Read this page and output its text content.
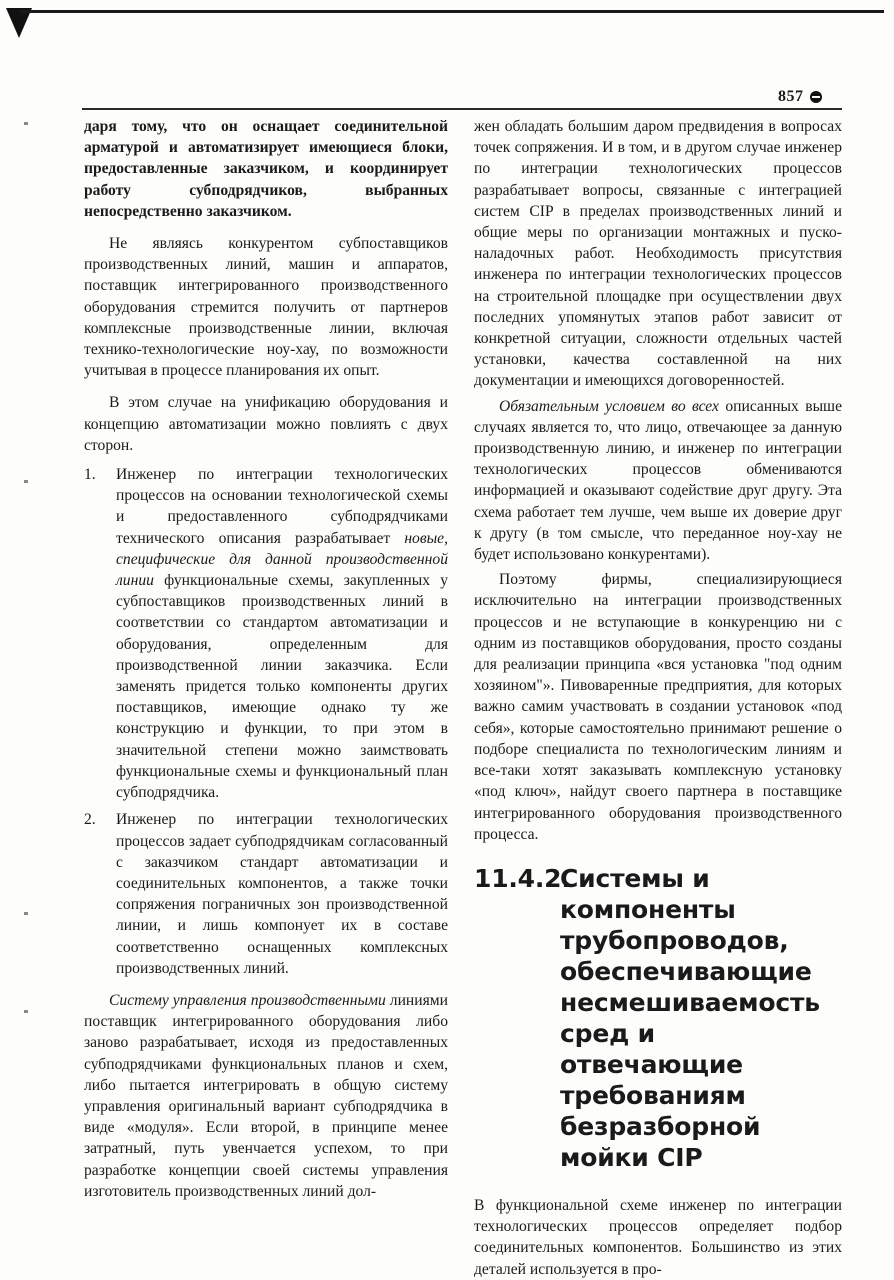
857

даря тому, что он оснащает соединительной арматурой и автоматизирует имеющиеся блоки, предоставленные заказчиком, и координирует работу субподрядчиков, выбранных непосредственно заказчиком.

Не являясь конкурентом субпоставщиков производственных линий, машин и аппаратов, поставщик интегрированного производственного оборудования стремится получить от партнеров комплексные производственные линии, включая технико-технологические ноу-хау, по возможности учитывая в процессе планирования их опыт.

В этом случае на унификацию оборудования и концепцию автоматизации можно повлиять с двух сторон.

1. Инженер по интеграции технологических процессов на основании технологической схемы и предоставленного субподрядчиками технического описания разрабатывает новые, специфические для данной производственной линии функциональные схемы, закупленных у субпоставщиков производственных линий в соответствии со стандартом автоматизации и оборудования, определенным для производственной линии заказчика. Если заменять придется только компоненты других поставщиков, имеющие однако ту же конструкцию и функции, то при этом в значительной степени можно заимствовать функциональные схемы и функциональный план субподрядчика.
2. Инженер по интеграции технологических процессов задает субподрядчикам согласованный с заказчиком стандарт автоматизации и соединительных компонентов, а также точки сопряжения пограничных зон производственной линии, и лишь компонует их в составе соответственно оснащенных комплексных производственных линий.

Систему управления производственными линиями поставщик интегрированного оборудования либо заново разрабатывает, исходя из предоставленных субподрядчиками функциональных планов и схем, либо пытается интегрировать в общую систему управления оригинальный вариант субподрядчика в виде «модуля». Если второй, в принципе менее затратный, путь увенчается успехом, то при разработке концепции своей системы управления изготовитель производственных линий дол-

жен обладать большим даром предвидения в вопросах точек сопряжения. И в том, и в другом случае инженер по интеграции технологических процессов разрабатывает вопросы, связанные с интеграцией систем CIP в пределах производственных линий и общие меры по организации монтажных и пуско-наладочных работ. Необходимость присутствия инженера по интеграции технологических процессов на строительной площадке при осуществлении двух последних упомянутых этапов работ зависит от конкретной ситуации, сложности отдельных частей установки, качества составленной на них документации и имеющихся договоренностей.

Обязательным условием во всех описанных выше случаях является то, что лицо, отвечающее за данную производственную линию, и инженер по интеграции технологических процессов обмениваются информацией и оказывают содействие друг другу. Эта схема работает тем лучше, чем выше их доверие друг к другу (в том смысле, что переданное ноу-хау не будет использовано конкурентами).

Поэтому фирмы, специализирующиеся исключительно на интеграции производственных процессов и не вступающие в конкуренцию ни с одним из поставщиков оборудования, просто созданы для реализации принципа «вся установка "под одним хозяином"». Пивоваренные предприятия, для которых важно самим участвовать в создании установок «под себя», которые самостоятельно принимают решение о подборе специалиста по технологическим линиям и все-таки хотят заказывать комплексную установку «под ключ», найдут своего партнера в поставщике интегрированного оборудования производственного процесса.

11.4.2.
Системы и компоненты трубопроводов, обеспечивающие несмешиваемость сред и отвечающие требованиям безразборной мойки CIP

В функциональной схеме инженер по интеграции технологических процессов определяет подбор соединительных компонентов. Большинство из этих деталей используется в про-
